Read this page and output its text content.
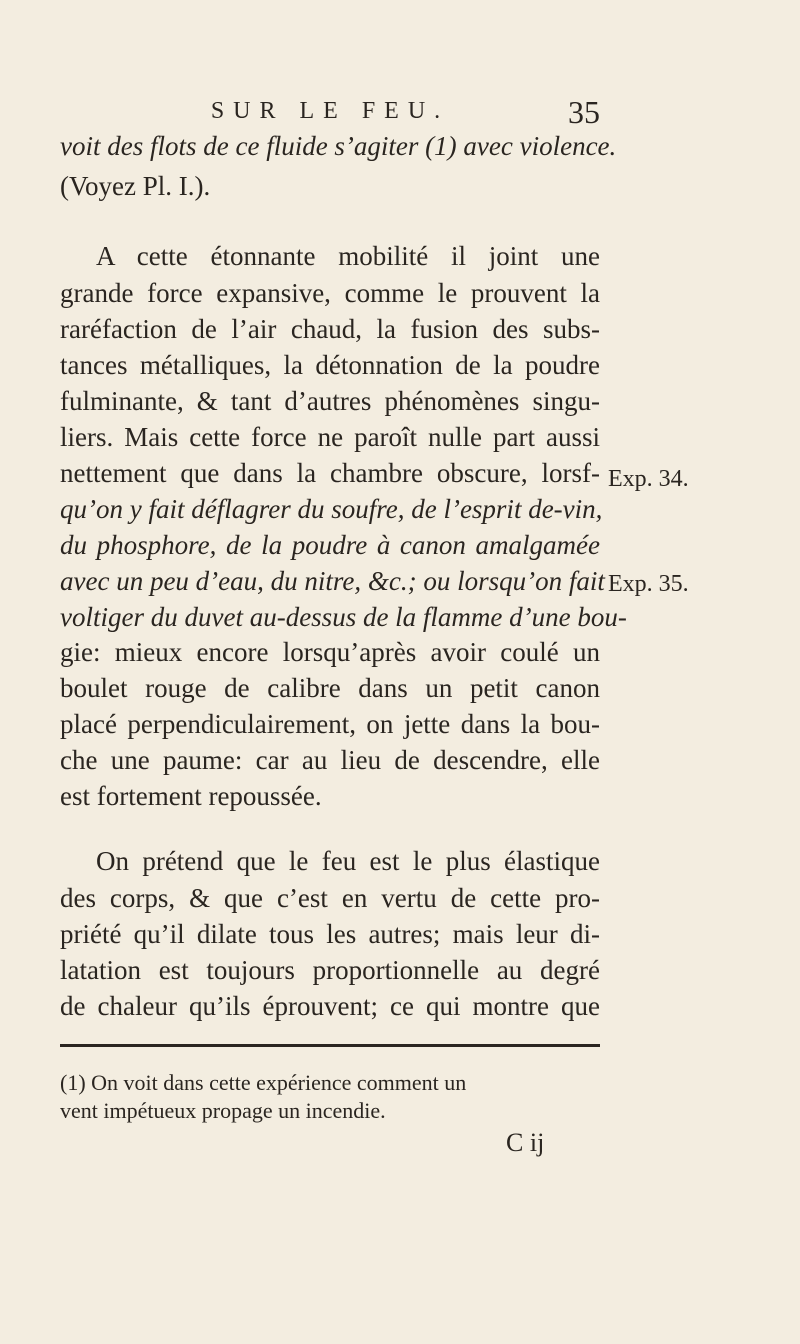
SUR LE FEU.	35
voit des flots de ce fluide s’agiter (1) avec violence.
(Voyez Pl. I.).
A cette étonnante mobilité il joint une
grande force expansive, comme le prouvent la
raréfaction de l’air chaud, la fusion des subs-
tances métalliques, la détonnation de la poudre
fulminante, & tant d’autres phénomènes singu-
liers. Mais cette force ne paroît nulle part aussi
nettement que dans la chambre obscure, lorsf-
qu’on y fait déflagrer du soufre, de l’esprit de-vin,
du phosphore, de la poudre à canon amalgamée
avec un peu d’eau, du nitre, &c.; ou lorsqu’on fait
voltiger du duvet au-dessus de la flamme d’une bou-
gie: mieux encore lorsqu’après avoir coulé un
boulet rouge de calibre dans un petit canon
placé perpendiculairement, on jette dans la bou-
che une paume: car au lieu de descendre, elle
est fortement repoussée.
On prétend que le feu est le plus élastique
des corps, & que c’est en vertu de cette pro-
priété qu’il dilate tous les autres; mais leur di-
latation est toujours proportionnelle au degré
de chaleur qu’ils éprouvent; ce qui montre que
Exp. 34.
Exp. 35.
(1) On voit dans cette expérience comment un
vent impétueux propage un incendie.
C ij
